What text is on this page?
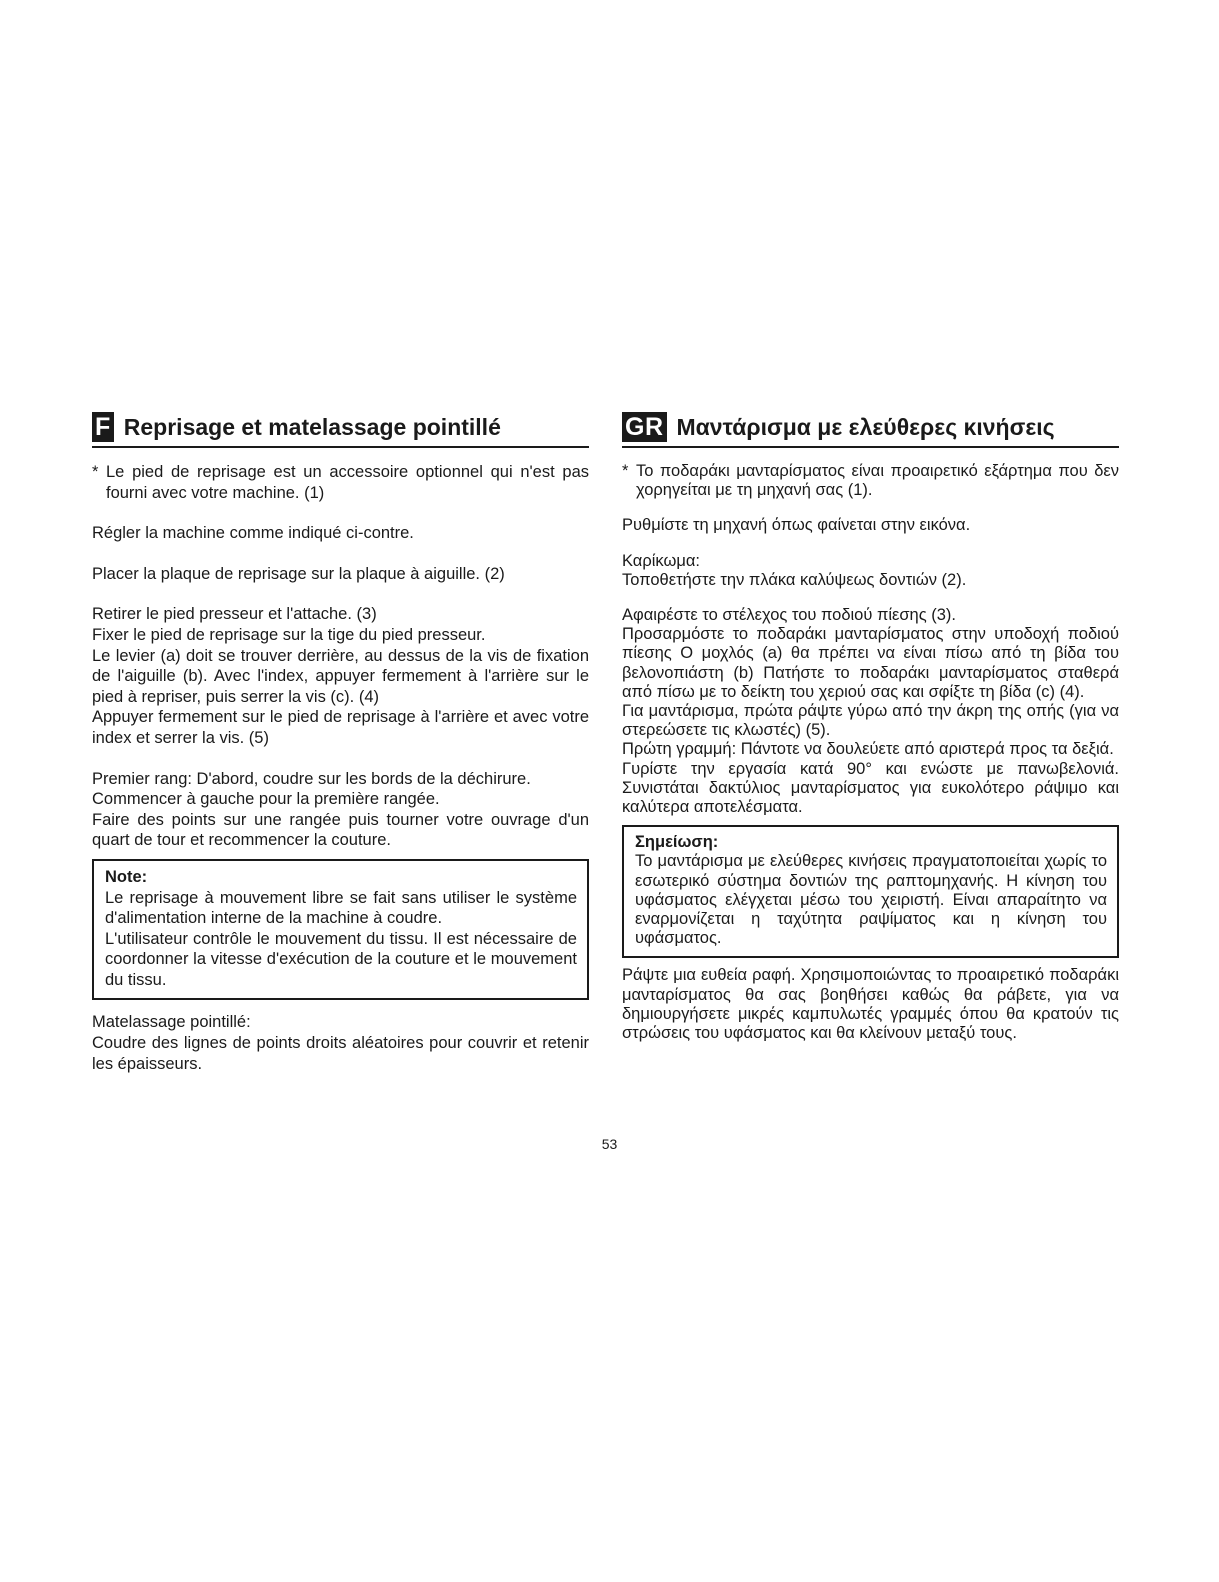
F Reprisage et matelassage pointillé
* Le pied de reprisage est un accessoire optionnel qui n'est pas fourni avec votre machine. (1)

Régler la machine comme indiqué ci-contre.

Placer la plaque de reprisage sur la plaque à aiguille. (2)

Retirer le pied presseur et l'attache. (3)

Fixer le pied de reprisage sur la tige du pied presseur.

Le levier (a) doit se trouver derrière, au dessus de la vis de fixation de l'aiguille (b). Avec l'index, appuyer fermement à l'arrière sur le pied à repriser, puis serrer la vis (c). (4)

Appuyer fermement sur le pied de reprisage à l'arrière et avec votre index et serrer la vis. (5)

Premier rang: D'abord, coudre sur les bords de la déchirure.

Commencer à gauche pour la première rangée.

Faire des points sur une rangée puis tourner votre ouvrage d'un quart de tour et recommencer la couture.

Note:

Le reprisage à mouvement libre se fait sans utiliser le système d'alimentation interne de la machine à coudre.

L'utilisateur contrôle le mouvement du tissu. Il est nécessaire de coordonner la vitesse d'exécution de la couture et le mouvement du tissu.

Matelassage pointillé:

Coudre des lignes de points droits aléatoires pour couvrir et retenir les épaisseurs.

GR Μαντάρισμα με ελεύθερες κινήσεις
* Το ποδαράκι μανταρίσματος είναι προαιρετικό εξάρτημα που δεν χορηγείται με τη μηχανή σας (1).

Ρυθμίστε τη μηχανή όπως φαίνεται στην εικόνα.

Καρίκωμα:

Τοποθετήστε την πλάκα καλύψεως δοντιών (2).

Αφαιρέστε το στέλεχος του ποδιού πίεσης (3).

Προσαρμόστε το ποδαράκι μανταρίσματος στην υποδοχή ποδιού πίεσης Ο μοχλός (a) θα πρέπει να είναι πίσω από τη βίδα του βελονοπιάστη (b) Πατήστε το ποδαράκι μανταρίσματος σταθερά από πίσω με το δείκτη του χεριού σας και σφίξτε τη βίδα (c) (4).

Για μαντάρισμα, πρώτα ράψτε γύρω από την άκρη της οπής (για να στερεώσετε τις κλωστές) (5).

Πρώτη γραμμή: Πάντοτε να δουλεύετε από αριστερά προς τα δεξιά.

Γυρίστε την εργασία κατά 90° και ενώστε με πανωβελονιά. Συνιστάται δακτύλιος μανταρίσματος για ευκολότερο ράψιμο και καλύτερα αποτελέσματα.

Σημείωση:

Το μαντάρισμα με ελεύθερες κινήσεις πραγματοποιείται χωρίς το εσωτερικό σύστημα δοντιών της ραπτομηχανής. Η κίνηση του υφάσματος ελέγχεται μέσω του χειριστή. Είναι απαραίτητο να εναρμονίζεται η ταχύτητα ραψίματος και η κίνηση του υφάσματος.

Ράψτε μια ευθεία ραφή. Χρησιμοποιώντας το προαιρετικό ποδαράκι μανταρίσματος θα σας βοηθήσει καθώς θα ράβετε, για να δημιουργήσετε μικρές καμπυλωτές γραμμές όπου θα κρατούν τις στρώσεις του υφάσματος και θα κλείνουν μεταξύ τους.

53
